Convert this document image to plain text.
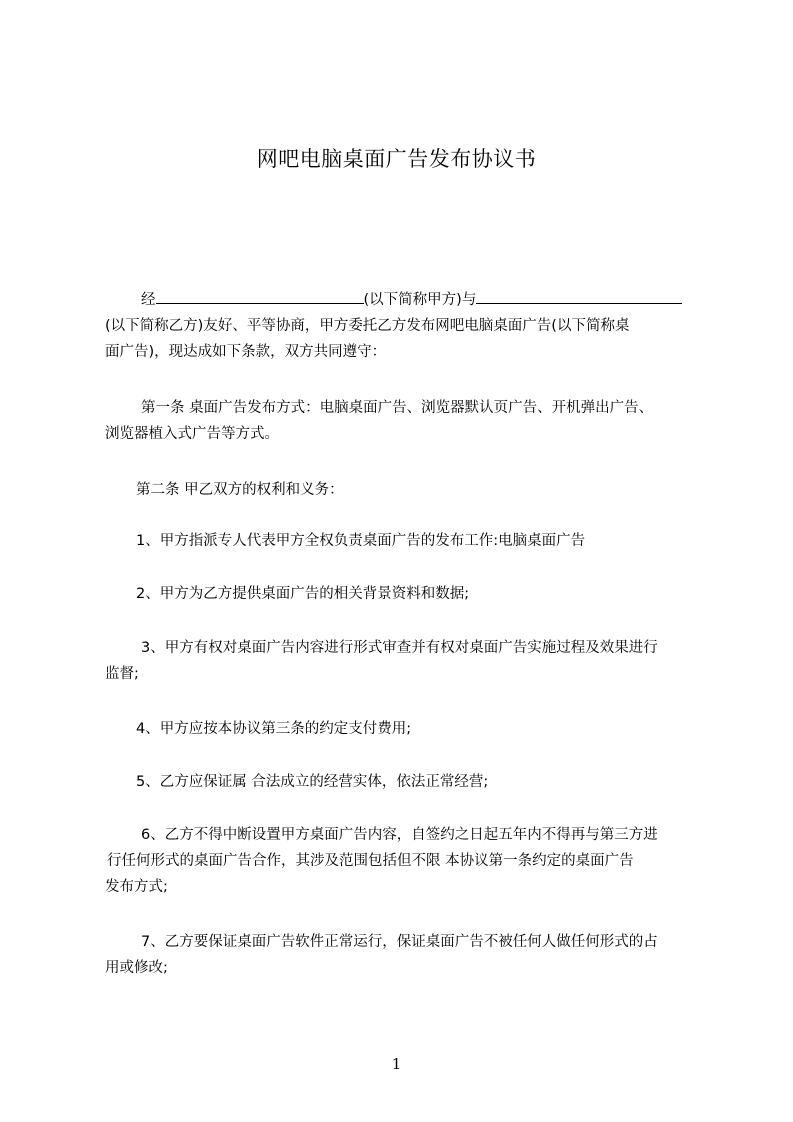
网吧电脑桌面广告发布协议书
经	(以下简称甲方)与
(以下简称乙方)友好、平等协商，甲方委托乙方发布网吧电脑桌面广告(以下简称桌
面广告)，现达成如下条款，双方共同遵守：
第一条 桌面广告发布方式：电脑桌面广告、浏览器默认页广告、开机弹出广告、
浏览器植入式广告等方式。
第二条 甲乙双方的权利和义务：
1、甲方指派专人代表甲方全权负责桌面广告的发布工作:电脑桌面广告
2、甲方为乙方提供桌面广告的相关背景资料和数据;
3、甲方有权对桌面广告内容进行形式审查并有权对桌面广告实施过程及效果进行
监督;
4、甲方应按本协议第三条的约定支付费用;
5、乙方应保证属 合法成立的经营实体，依法正常经营;
6、乙方不得中断设置甲方桌面广告内容，自签约之日起五年内不得再与第三方进
行任何形式的桌面广告合作，其涉及范围包括但不限 本协议第一条约定的桌面广告
发布方式;
7、乙方要保证桌面广告软件正常运行，保证桌面广告不被任何人做任何形式的占
用或修改;
1
